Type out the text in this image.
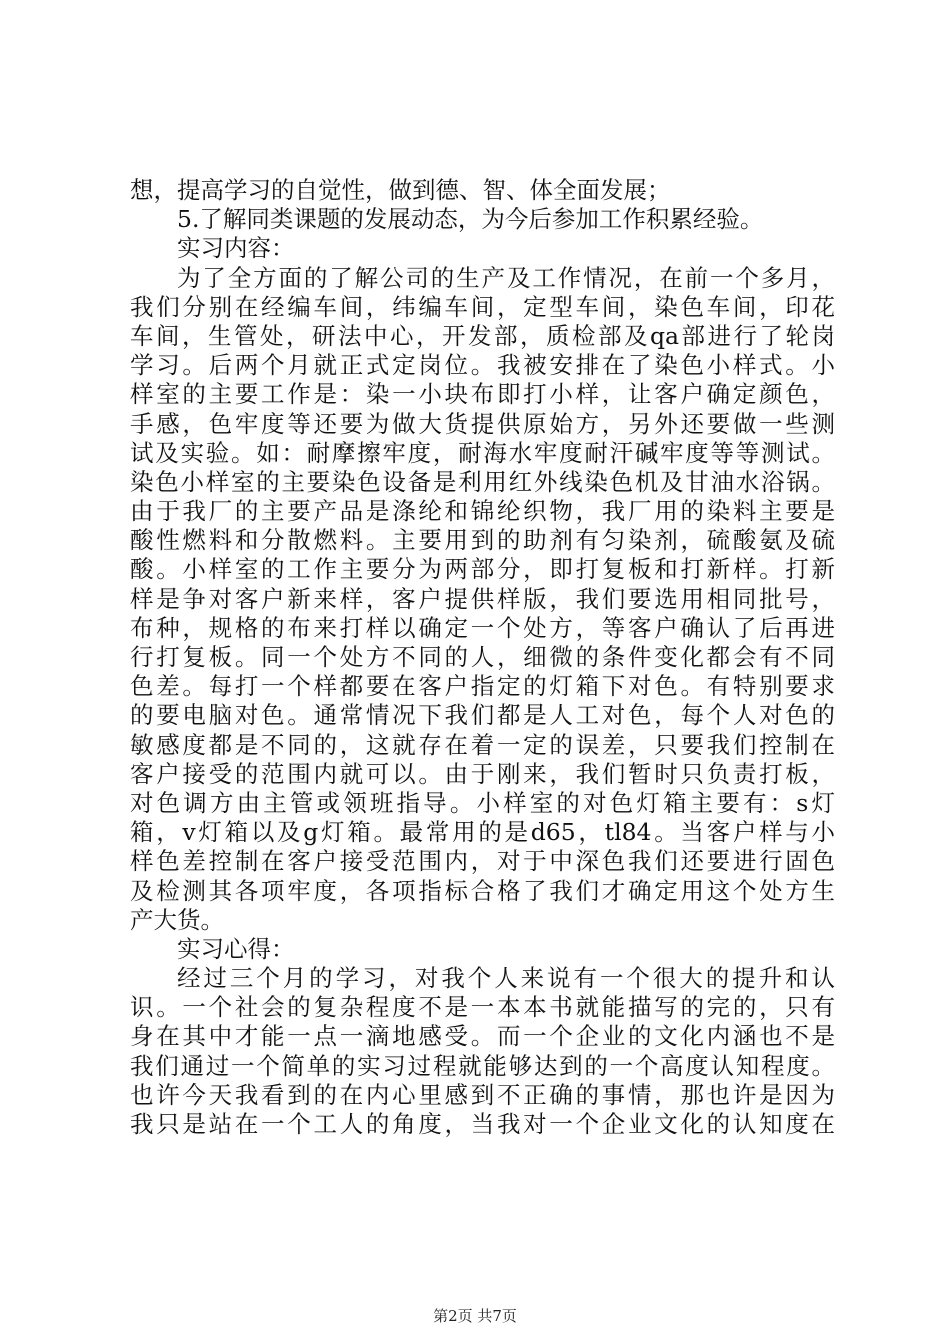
想，提高学习的自觉性，做到德、智、体全面发展；
5.了解同类课题的发展动态，为今后参加工作积累经验。
实习内容：
为了全方面的了解公司的生产及工作情况，在前一个多月，
我们分别在经编车间，纬编车间，定型车间，染色车间，印花
车间，生管处，研法中心，开发部，质检部及qa部进行了轮岗
学习。后两个月就正式定岗位。我被安排在了染色小样式。小
样室的主要工作是：染一小块布即打小样，让客户确定颜色，
手感，色牢度等还要为做大货提供原始方，另外还要做一些测
试及实验。如：耐摩擦牢度，耐海水牢度耐汗碱牢度等等测试。
染色小样室的主要染色设备是利用红外线染色机及甘油水浴锅。
由于我厂的主要产品是涤纶和锦纶织物，我厂用的染料主要是
酸性燃料和分散燃料。主要用到的助剂有匀染剂，硫酸氨及硫
酸。小样室的工作主要分为两部分，即打复板和打新样。打新
样是争对客户新来样，客户提供样版，我们要选用相同批号，
布种，规格的布来打样以确定一个处方，等客户确认了后再进
行打复板。同一个处方不同的人，细微的条件变化都会有不同
色差。每打一个样都要在客户指定的灯箱下对色。有特别要求
的要电脑对色。通常情况下我们都是人工对色，每个人对色的
敏感度都是不同的，这就存在着一定的误差，只要我们控制在
客户接受的范围内就可以。由于刚来，我们暂时只负责打板，
对色调方由主管或领班指导。小样室的对色灯箱主要有：s灯
箱，v灯箱以及g灯箱。最常用的是d65，tl84。当客户样与小
样色差控制在客户接受范围内，对于中深色我们还要进行固色
及检测其各项牢度，各项指标合格了我们才确定用这个处方生
产大货。
实习心得：
经过三个月的学习，对我个人来说有一个很大的提升和认
识。一个社会的复杂程度不是一本本书就能描写的完的，只有
身在其中才能一点一滴地感受。而一个企业的文化内涵也不是
我们通过一个简单的实习过程就能够达到的一个高度认知程度。
也许今天我看到的在内心里感到不正确的事情，那也许是因为
我只是站在一个工人的角度，当我对一个企业文化的认知度在
第2页 共7页
